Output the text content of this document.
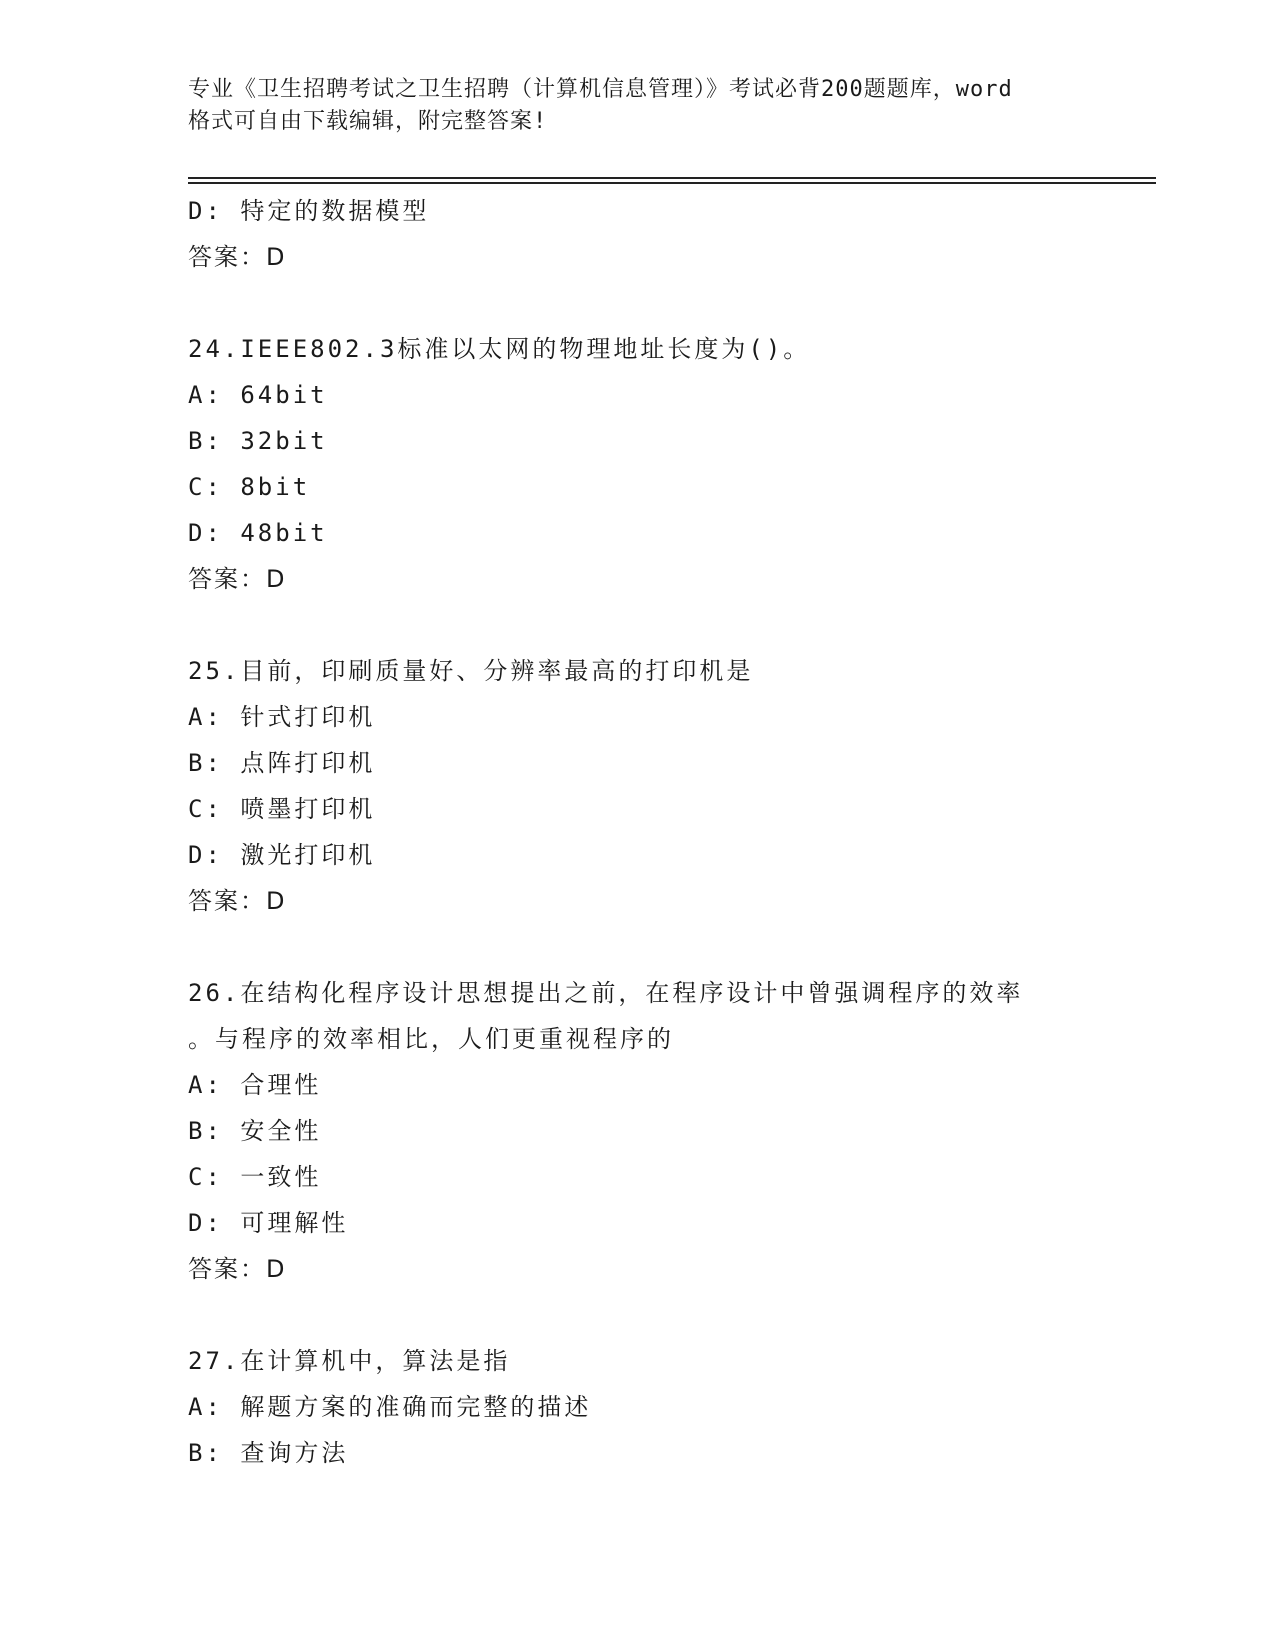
专业《卫生招聘考试之卫生招聘（计算机信息管理）》考试必背200题题库，word
格式可自由下载编辑，附完整答案!
D: 特定的数据模型
答案：D
24.IEEE802.3标准以太网的物理地址长度为()。
A: 64bit
B: 32bit
C: 8bit
D: 48bit
答案：D
25.目前，印刷质量好、分辨率最高的打印机是
A: 针式打印机
B: 点阵打印机
C: 喷墨打印机
D: 激光打印机
答案：D
26.在结构化程序设计思想提出之前，在程序设计中曾强调程序的效率
。与程序的效率相比，人们更重视程序的
A: 合理性
B: 安全性
C: 一致性
D: 可理解性
答案：D
27.在计算机中，算法是指
A: 解题方案的准确而完整的描述
B: 查询方法
